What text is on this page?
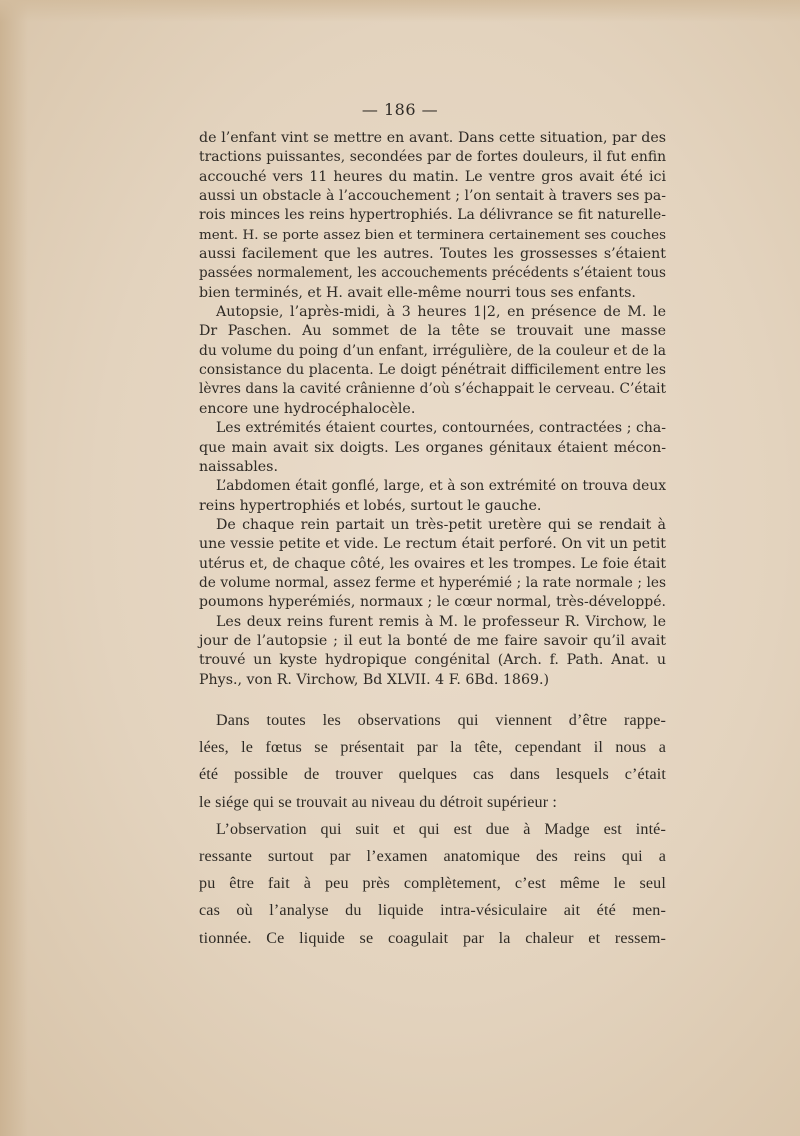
— 186 —
de l’enfant vint se mettre en avant. Dans cette situation, par des
tractions puissantes, secondées par de fortes douleurs, il fut enfin
accouché vers 11 heures du matin. Le ventre gros avait été ici
aussi un obstacle à l’accouchement ; l’on sentait à travers ses pa-
rois minces les reins hypertrophiés. La délivrance se fit naturelle-
ment. H. se porte assez bien et terminera certainement ses couches
aussi facilement que les autres. Toutes les grossesses s’étaient
passées normalement, les accouchements précédents s’étaient tous
bien terminés, et H. avait elle-même nourri tous ses enfants.
Autopsie, l’après-midi, à 3 heures 1|2, en présence de M. le
Dr Paschen. Au sommet de la tête se trouvait une masse
du volume du poing d’un enfant, irrégulière, de la couleur et de la
consistance du placenta. Le doigt pénétrait difficilement entre les
lèvres dans la cavité crânienne d’où s’échappait le cerveau. C’était
encore une hydrocéphalocèle.
Les extrémités étaient courtes, contournées, contractées ; cha-
que main avait six doigts. Les organes génitaux étaient mécon-
naissables.
L’abdomen était gonflé, large, et à son extrémité on trouva deux
reins hypertrophiés et lobés, surtout le gauche.
De chaque rein partait un très-petit uretère qui se rendait à
une vessie petite et vide. Le rectum était perforé. On vit un petit
utérus et, de chaque côté, les ovaires et les trompes. Le foie était
de volume normal, assez ferme et hyperémié ; la rate normale ; les
poumons hyperémiés, normaux ; le cœur normal, très-développé.
Les deux reins furent remis à M. le professeur R. Virchow, le
jour de l’autopsie ; il eut la bonté de me faire savoir qu’il avait
trouvé un kyste hydropique congénital (Arch. f. Path. Anat. u
Phys., von R. Virchow, Bd XLVII. 4 F. 6Bd. 1869.)
Dans toutes les observations qui viennent d’être rappe-
lées, le fœtus se présentait par la tête, cependant il nous a
été possible de trouver quelques cas dans lesquels c’était
le siége qui se trouvait au niveau du détroit supérieur :
L’observation qui suit et qui est due à Madge est inté-
ressante surtout par l’examen anatomique des reins qui a
pu être fait à peu près complètement, c’est même le seul
cas où l’analyse du liquide intra-vésiculaire ait été men-
tionnée. Ce liquide se coagulait par la chaleur et ressem-
